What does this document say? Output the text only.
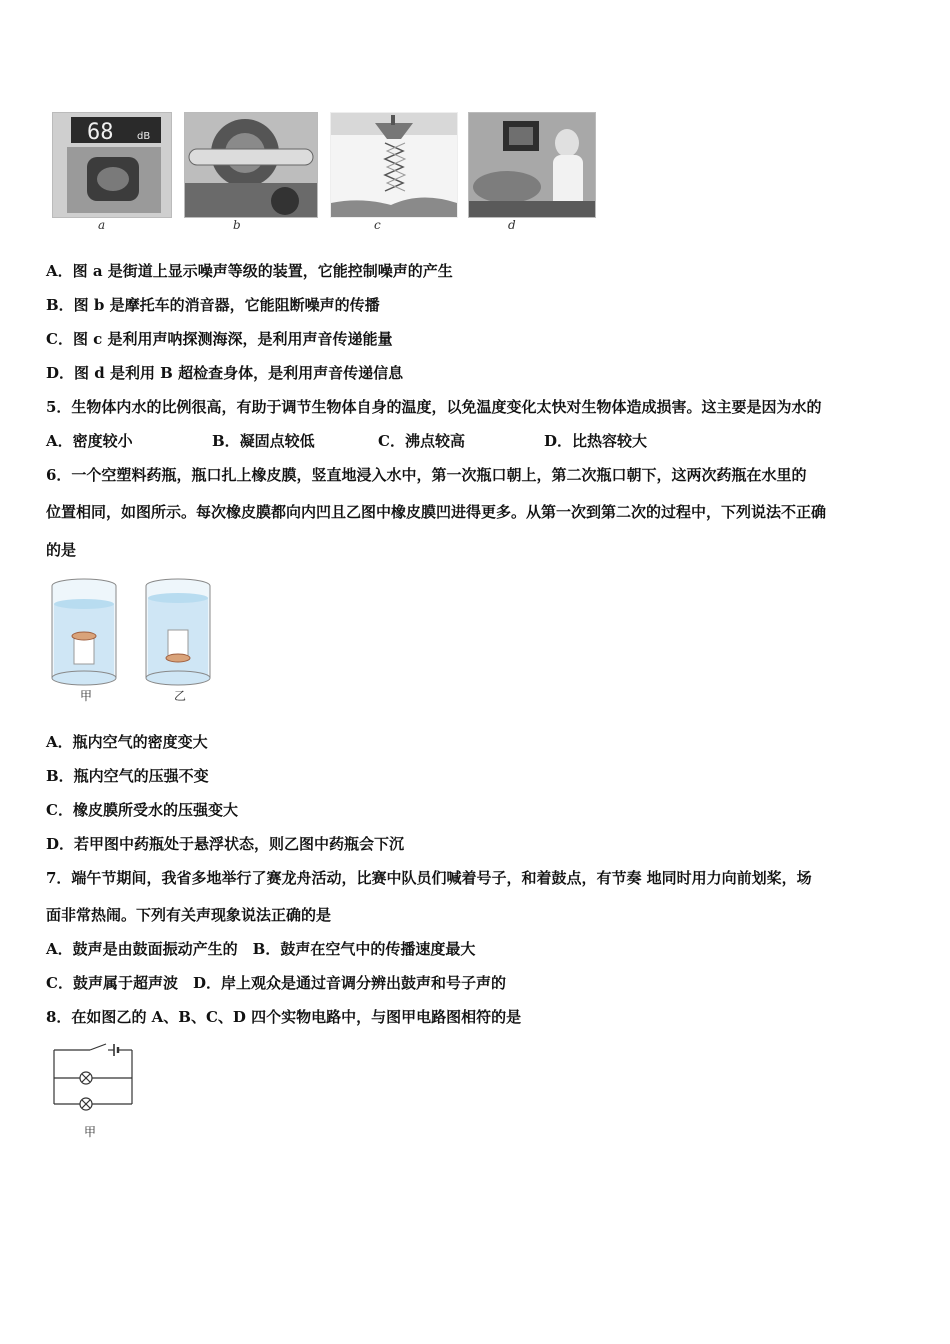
68 dB
a	b	c	d
A．图 a 是街道上显示噪声等级的装置，它能控制噪声的产生
B．图 b 是摩托车的消音器，它能阻断噪声的传播
C．图 c 是利用声呐探测海深，是利用声音传递能量
D．图 d 是利用 B 超检查身体，是利用声音传递信息
5．生物体内水的比例很高，有助于调节生物体自身的温度，以免温度变化太快对生物体造成损害。这主要是因为水的
A．密度较小	B．凝固点较低	C．沸点较高	D．比热容较大
6．一个空塑料药瓶，瓶口扎上橡皮膜，竖直地浸入水中，第一次瓶口朝上，第二次瓶口朝下，这两次药瓶在水里的
位置相同，如图所示。每次橡皮膜都向内凹且乙图中橡皮膜凹进得更多。从第一次到第二次的过程中，下列说法不正确
的是
甲	乙
A．瓶内空气的密度变大
B．瓶内空气的压强不变
C．橡皮膜所受水的压强变大
D．若甲图中药瓶处于悬浮状态，则乙图中药瓶会下沉
7．端午节期间，我省多地举行了赛龙舟活动，比赛中队员们喊着号子，和着鼓点，有节奏 地同时用力向前划桨，场
面非常热闹。下列有关声现象说法正确的是
A．鼓声是由鼓面振动产生的　B．鼓声在空气中的传播速度最大
C．鼓声属于超声波　D．岸上观众是通过音调分辨出鼓声和号子声的
8．在如图乙的 A、B、C、D 四个实物电路中，与图甲电路图相符的是
甲
